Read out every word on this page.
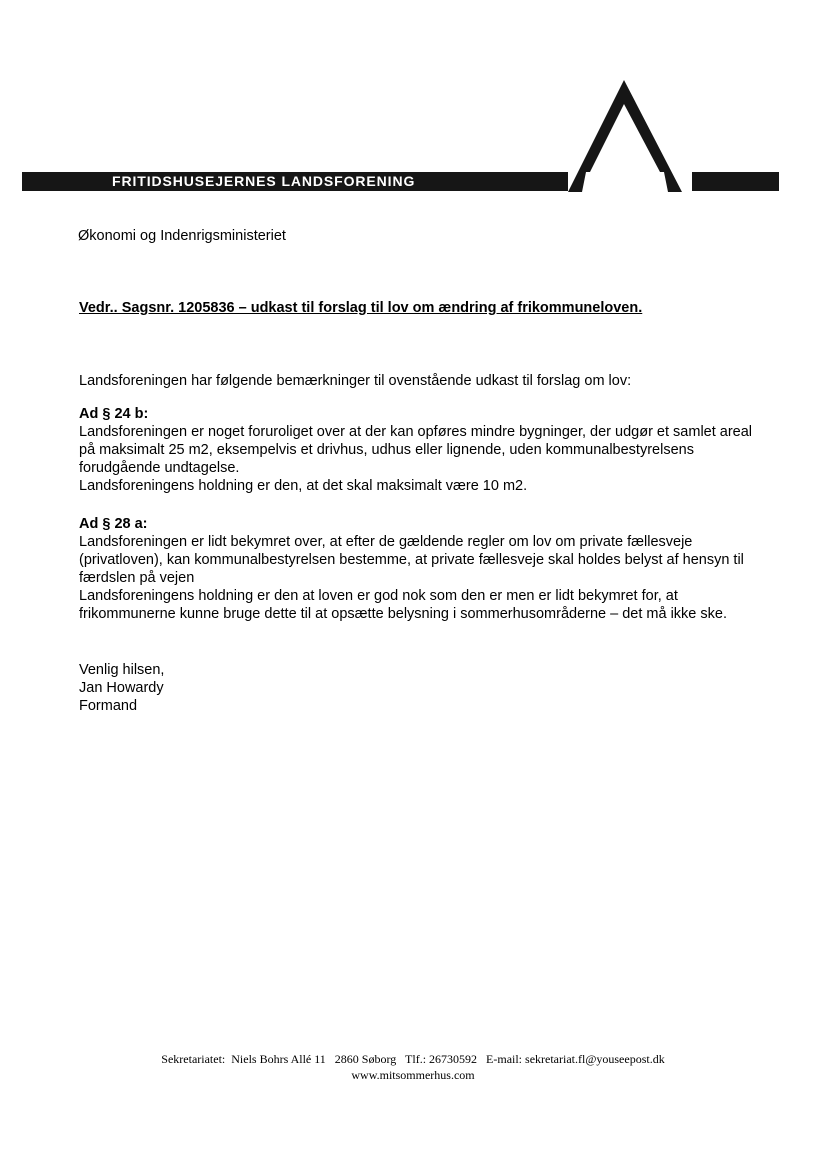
FRITIDSHUSEJERNES LANDSFORENING
Økonomi og Indenrigsministeriet
Vedr.. Sagsnr. 1205836 – udkast til forslag til lov om ændring af frikommuneloven.
Landsforeningen har følgende bemærkninger til ovenstående udkast til forslag om lov:

Ad § 24 b:

Landsforeningen er noget foruroliget over at der kan opføres mindre bygninger, der udgør et samlet areal på maksimalt 25 m2, eksempelvis et drivhus, udhus eller lignende, uden kommunalbestyrelsens forudgående undtagelse.

Landsforeningens holdning er den, at det skal maksimalt være 10 m2.

Ad § 28 a:

Landsforeningen er lidt bekymret over, at efter de gældende regler om lov om private fællesveje (privatloven), kan kommunalbestyrelsen bestemme, at private fællesveje skal holdes belyst af hensyn til færdslen på vejen

Landsforeningens holdning er den at loven er god nok som den er men er lidt bekymret for, at frikommunerne kunne bruge dette til at opsætte belysning i sommerhusområderne – det må ikke ske.

Venlig hilsen,

Jan Howardy

Formand

Sekretariatet:  Niels Bohrs Allé 11   2860 Søborg   Tlf.: 26730592   E-mail: sekretariat.fl@youseepost.dk
www.mitsommerhus.com
